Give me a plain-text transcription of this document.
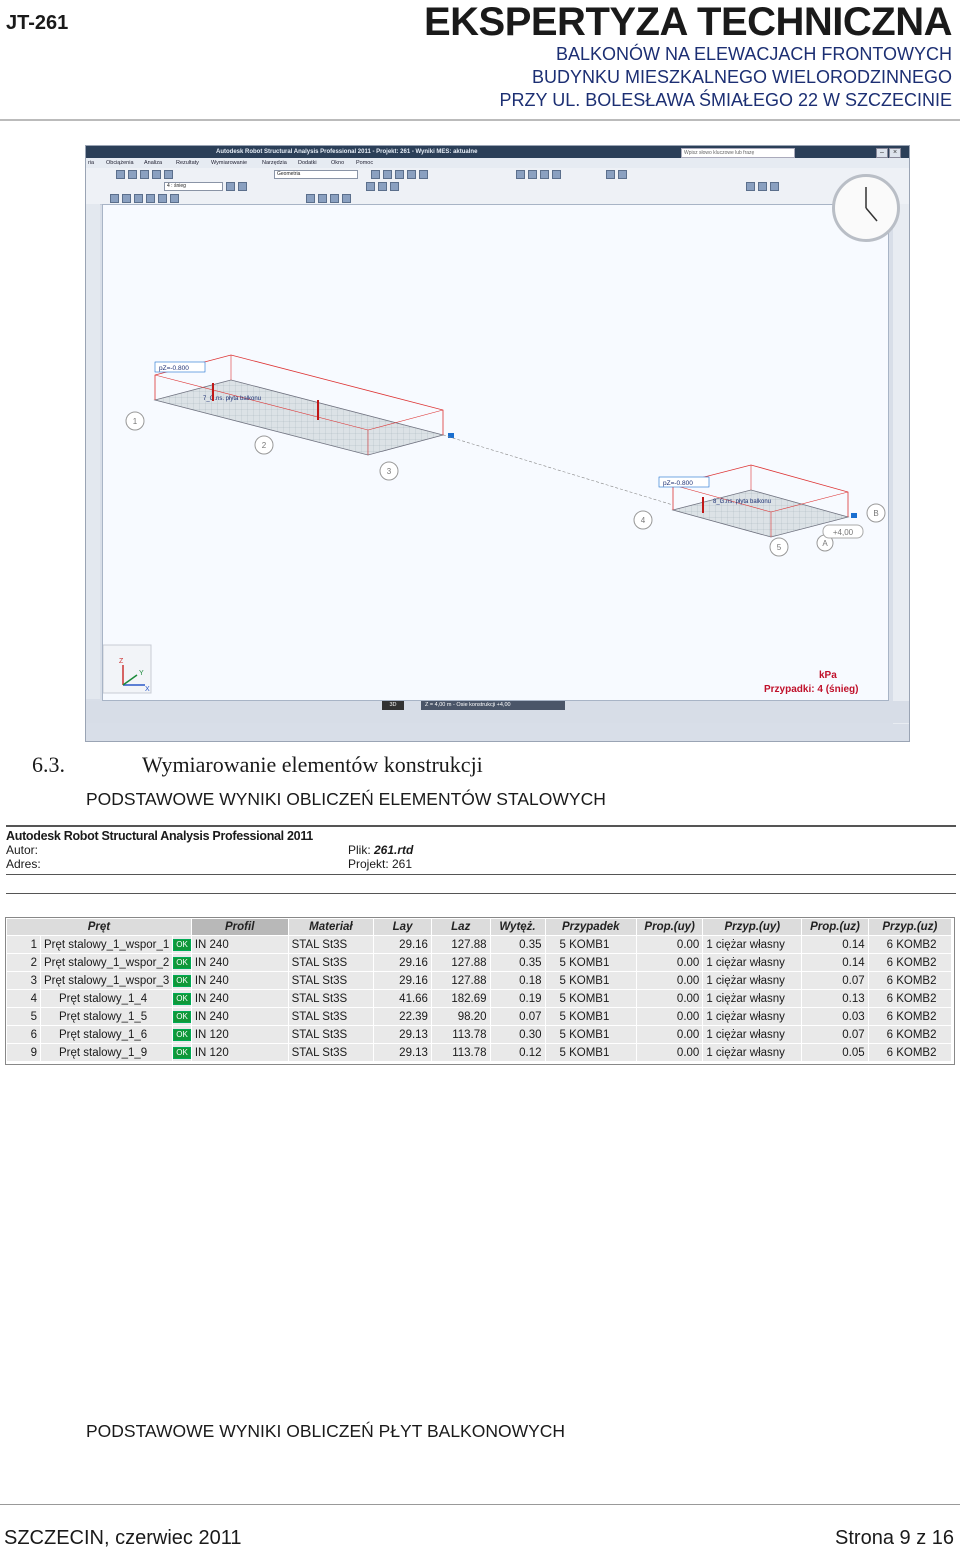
JT-261	EKSPERTYZA TECHNICZNA
BALKONÓW NA ELEWACJACH FRONTOWYCH
BUDYNKU MIESZKALNEGO WIELORODZINNEGO
PRZY UL. BOLESŁAWA ŚMIAŁEGO 22 W SZCZECINIE
Autodesk Robot Structural Analysis Professional 2011 - Projekt: 261 - Wyniki MES: aktualne	Wpisz słowo kluczowe lub frazę	–	×
ria Obciążenia Analiza	Rezultaty Wymiarowanie	Narzędzia Dodatki	Okno Pomoc
Geometria
4 : śnieg
pZ=-0.800
7_G.ns. płyta balkonu
pZ=-0.800
8_G.ns. płyta balkonu
1
2
3
4
5	A
B
+4,00
Z
Y
X
kPa
Przypadki: 4 (śnieg)
3D	Z = 4,00 m - Osie konstrukcji +4,00
6.3.	Wymiarowanie elementów konstrukcji
PODSTAWOWE WYNIKI OBLICZEŃ ELEMENTÓW STALOWYCH
Autodesk Robot Structural Analysis Professional 2011
Autor:
Adres:
Plik: 261.rtd
Projekt: 261
Pręt			Profil	Materiał	Lay	Laz	Wytęż.	Przypadek	Prop.(uy)	Przyp.(uy)	Prop.(uz)	Przyp.(uz)
1	Pręt stalowy_1_wspor_1	OK	IN 240	STAL St3S	29.16	127.88	0.35	5 KOMB1	0.00	1 ciężar własny	0.14	6 KOMB2
2	Pręt stalowy_1_wspor_2	OK	IN 240	STAL St3S	29.16	127.88	0.35	5 KOMB1	0.00	1 ciężar własny	0.14	6 KOMB2
3	Pręt stalowy_1_wspor_3	OK	IN 240	STAL St3S	29.16	127.88	0.18	5 KOMB1	0.00	1 ciężar własny	0.07	6 KOMB2
4	Pręt stalowy_1_4	OK	IN 240	STAL St3S	41.66	182.69	0.19	5 KOMB1	0.00	1 ciężar własny	0.13	6 KOMB2
5	Pręt stalowy_1_5	OK	IN 240	STAL St3S	22.39	98.20	0.07	5 KOMB1	0.00	1 ciężar własny	0.03	6 KOMB2
6	Pręt stalowy_1_6	OK	IN 120	STAL St3S	29.13	113.78	0.30	5 KOMB1	0.00	1 ciężar własny	0.07	6 KOMB2
9	Pręt stalowy_1_9	OK	IN 120	STAL St3S	29.13	113.78	0.12	5 KOMB1	0.00	1 ciężar własny	0.05	6 KOMB2
PODSTAWOWE WYNIKI OBLICZEŃ PŁYT BALKONOWYCH
SZCZECIN, czerwiec 2011	Strona 9 z 16
